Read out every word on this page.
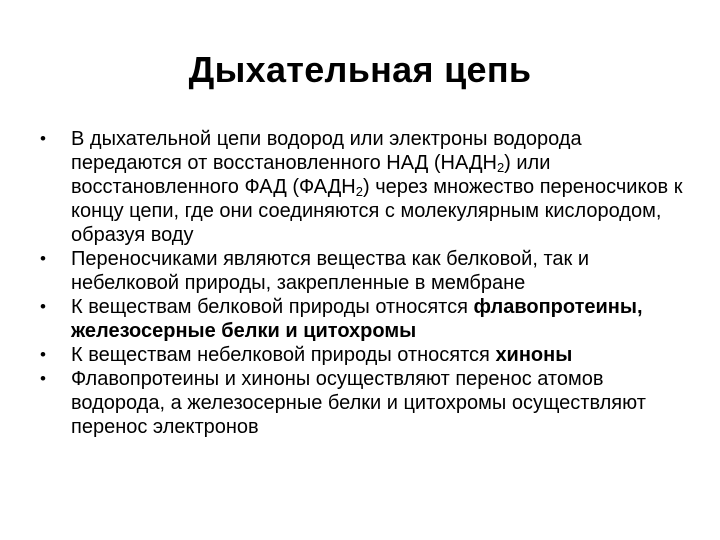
Дыхательная цепь
•	В дыхательной цепи водород или электроны водорода передаются от восстановленного НАД $(НАДН_2)$ или восстановленного ФАД $(ФАДН_2)$ через множество переносчиков к концу цепи, где они соединяются с молекулярным кислородом, образуя воду
•	Переносчиками являются вещества как белковой, так и небелковой природы, закрепленные в мембране
•	К веществам белковой природы относятся флавопротеины, железосерные белки и цитохромы
•	К веществам небелковой природы относятся хиноны
•	Флавопротеины и хиноны осуществляют перенос атомов водорода, а железосерные белки и цитохромы осуществляют перенос электронов
